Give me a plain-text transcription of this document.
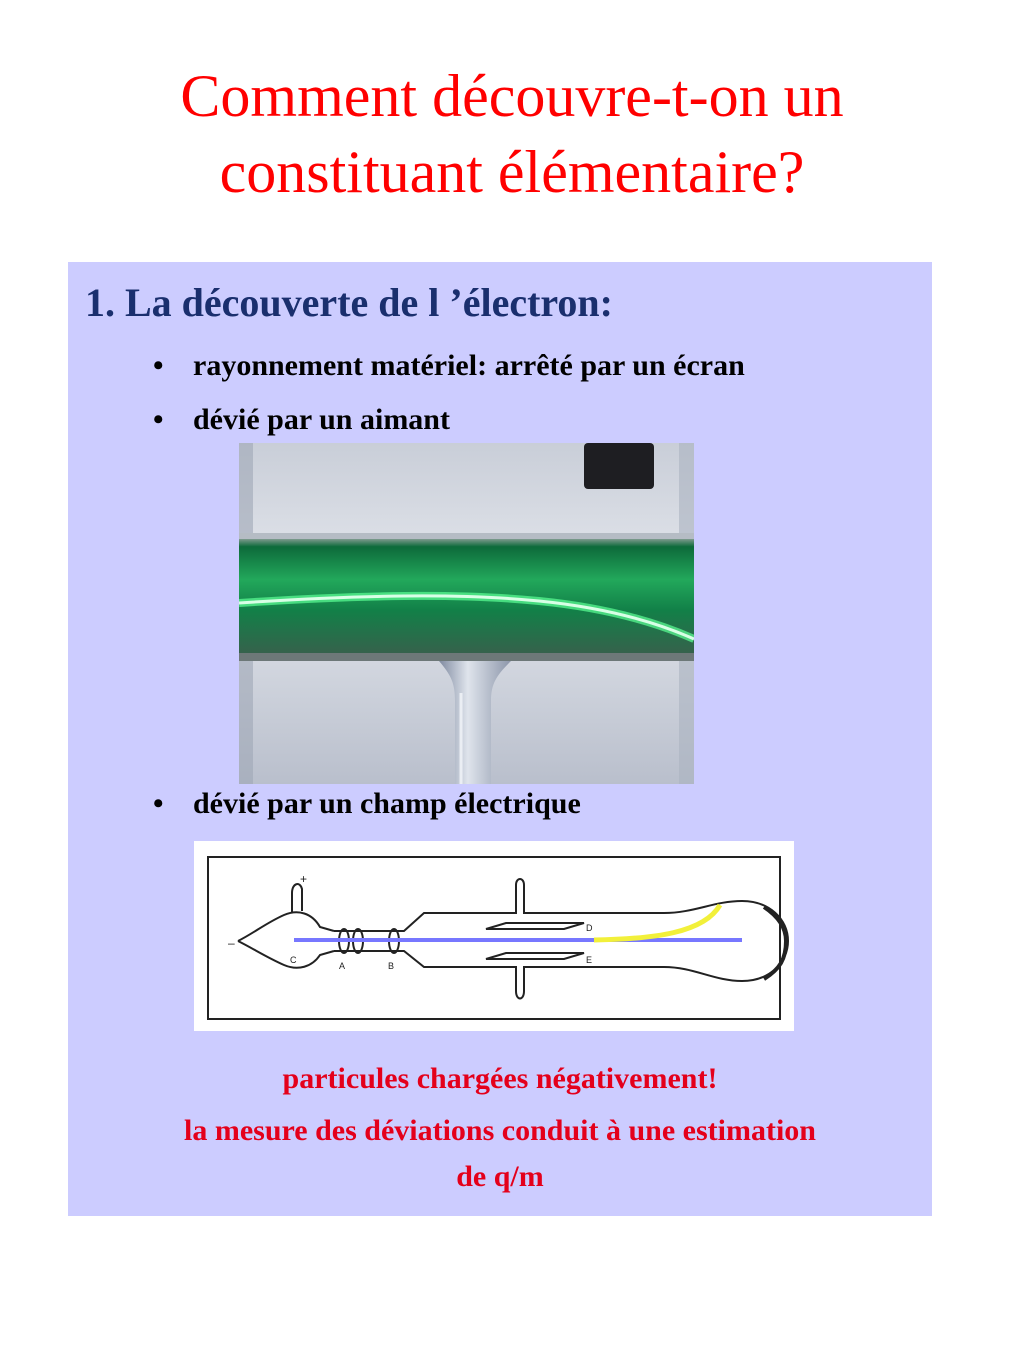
Comment découvre-t-on un
constituant élémentaire?
1. La découverte de l ’électron:
• rayonnement matériel: arrêté par un écran
• dévié par un aimant
• dévié par un champ électrique
+
–
C
A	B
D
E
particules chargées négativement!
la mesure des déviations conduit à une estimation
de q/m
